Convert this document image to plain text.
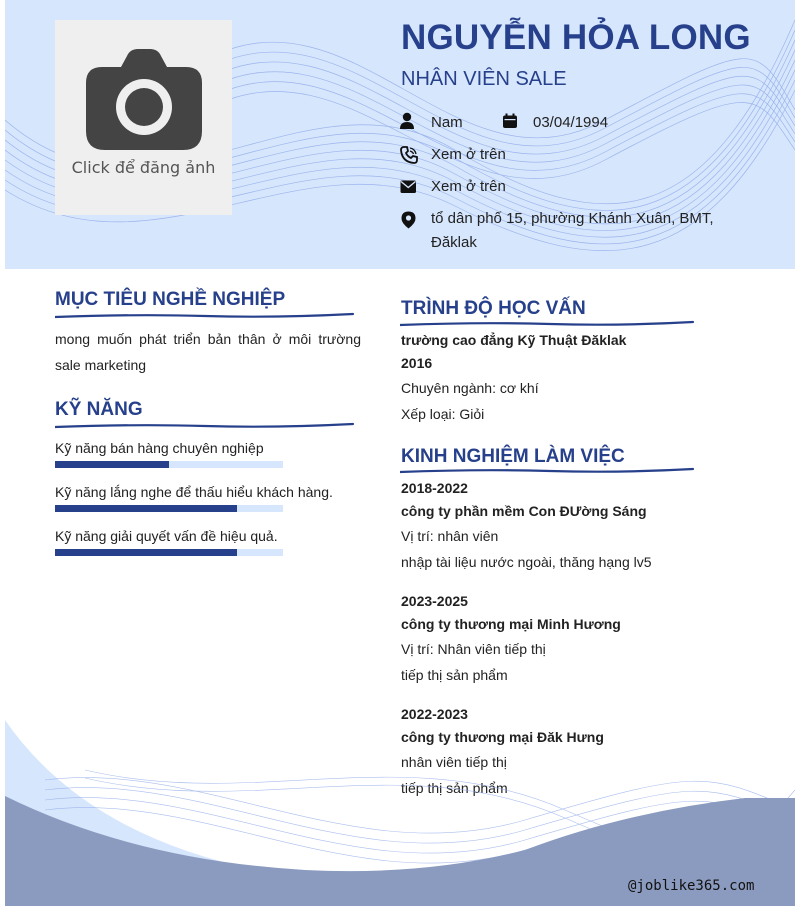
Click để đăng ảnh
NGUYỄN HỎA LONG
NHÂN VIÊN SALE
Nam	03/04/1994
Xem ở trên
Xem ở trên
tổ dân phố 15, phường Khánh Xuân, BMT, Đăklak
MỤC TIÊU NGHỀ NGHIỆP
mong muốn phát triển bản thân ở môi trường sale marketing
KỸ NĂNG
Kỹ năng bán hàng chuyên nghiệp
Kỹ năng lắng nghe để thấu hiểu khách hàng.
Kỹ năng giải quyết vấn đề hiệu quả.
TRÌNH ĐỘ HỌC VẤN
trường cao đẳng Kỹ Thuật Đăklak
2016
Chuyên ngành: cơ khí
Xếp loại: Giỏi
KINH NGHIỆM LÀM VIỆC
2018-2022
công ty phần mềm Con ĐƯờng Sáng
Vị trí: nhân viên
nhập tài liệu nước ngoài, thăng hạng lv5
2023-2025
công ty thương mại Minh Hương
Vị trí: Nhân viên tiếp thị
tiếp thị sản phẩm
2022-2023
công ty thương mại Đăk Hưng
nhân viên tiếp thị
tiếp thị sản phẩm
@joblike365.com
